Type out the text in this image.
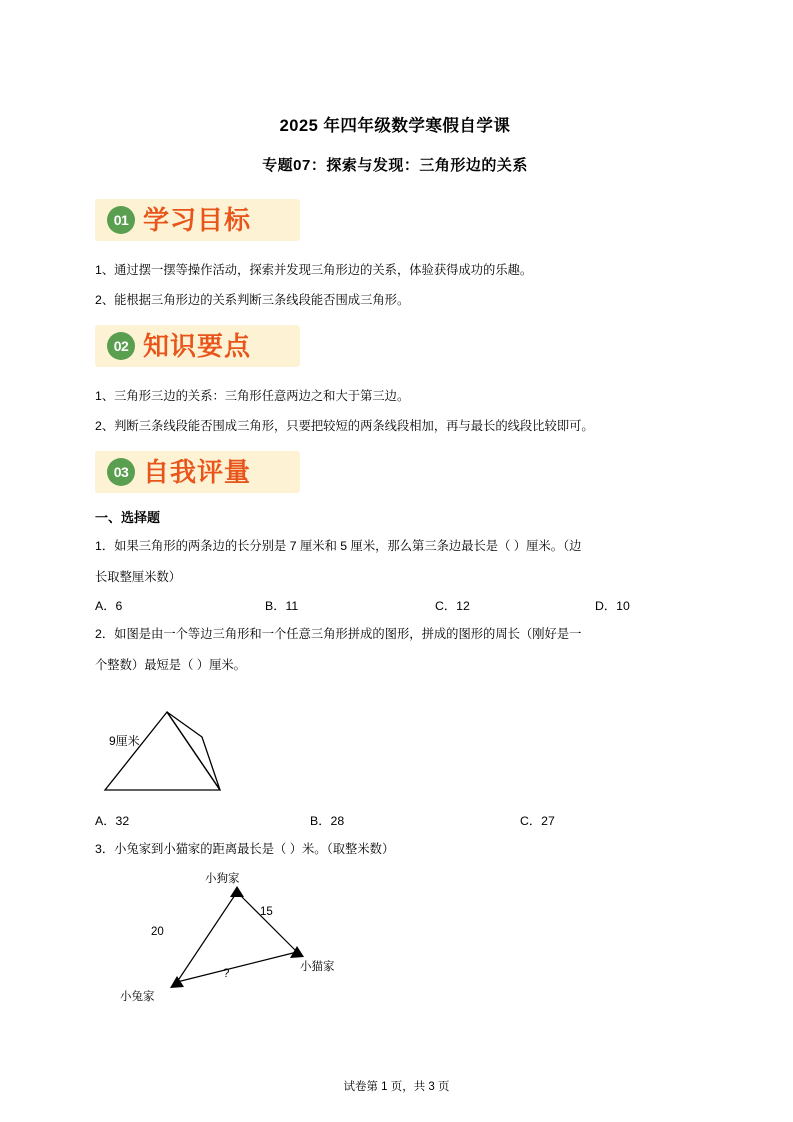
2025 年四年级数学寒假自学课
专题07：探索与发现：三角形边的关系
01 学习目标

1、通过摆一摆等操作活动，探索并发现三角形边的关系，体验获得成功的乐趣。

2、能根据三角形边的关系判断三条线段能否围成三角形。

02 知识要点

1、三角形三边的关系：三角形任意两边之和大于第三边。

2、判断三条线段能否围成三角形，只要把较短的两条线段相加，再与最长的线段比较即可。

03 自我评量
一、选择题

1．如果三角形的两条边的长分别是 7 厘米和 5 厘米，那么第三条边最长是（ ）厘米。（边

长取整厘米数）

A．6	B．11	C．12	D．10

2．如图是由一个等边三角形和一个任意三角形拼成的图形，拼成的图形的周长（刚好是一

个整数）最短是（ ）厘米。

9厘米
A．32	B．28	C．27

3．小兔家到小猫家的距离最长是（ ）米。（取整米数）

小狗家
15
20
小猫家
?
小兔家
试卷第 1 页，共 3 页
